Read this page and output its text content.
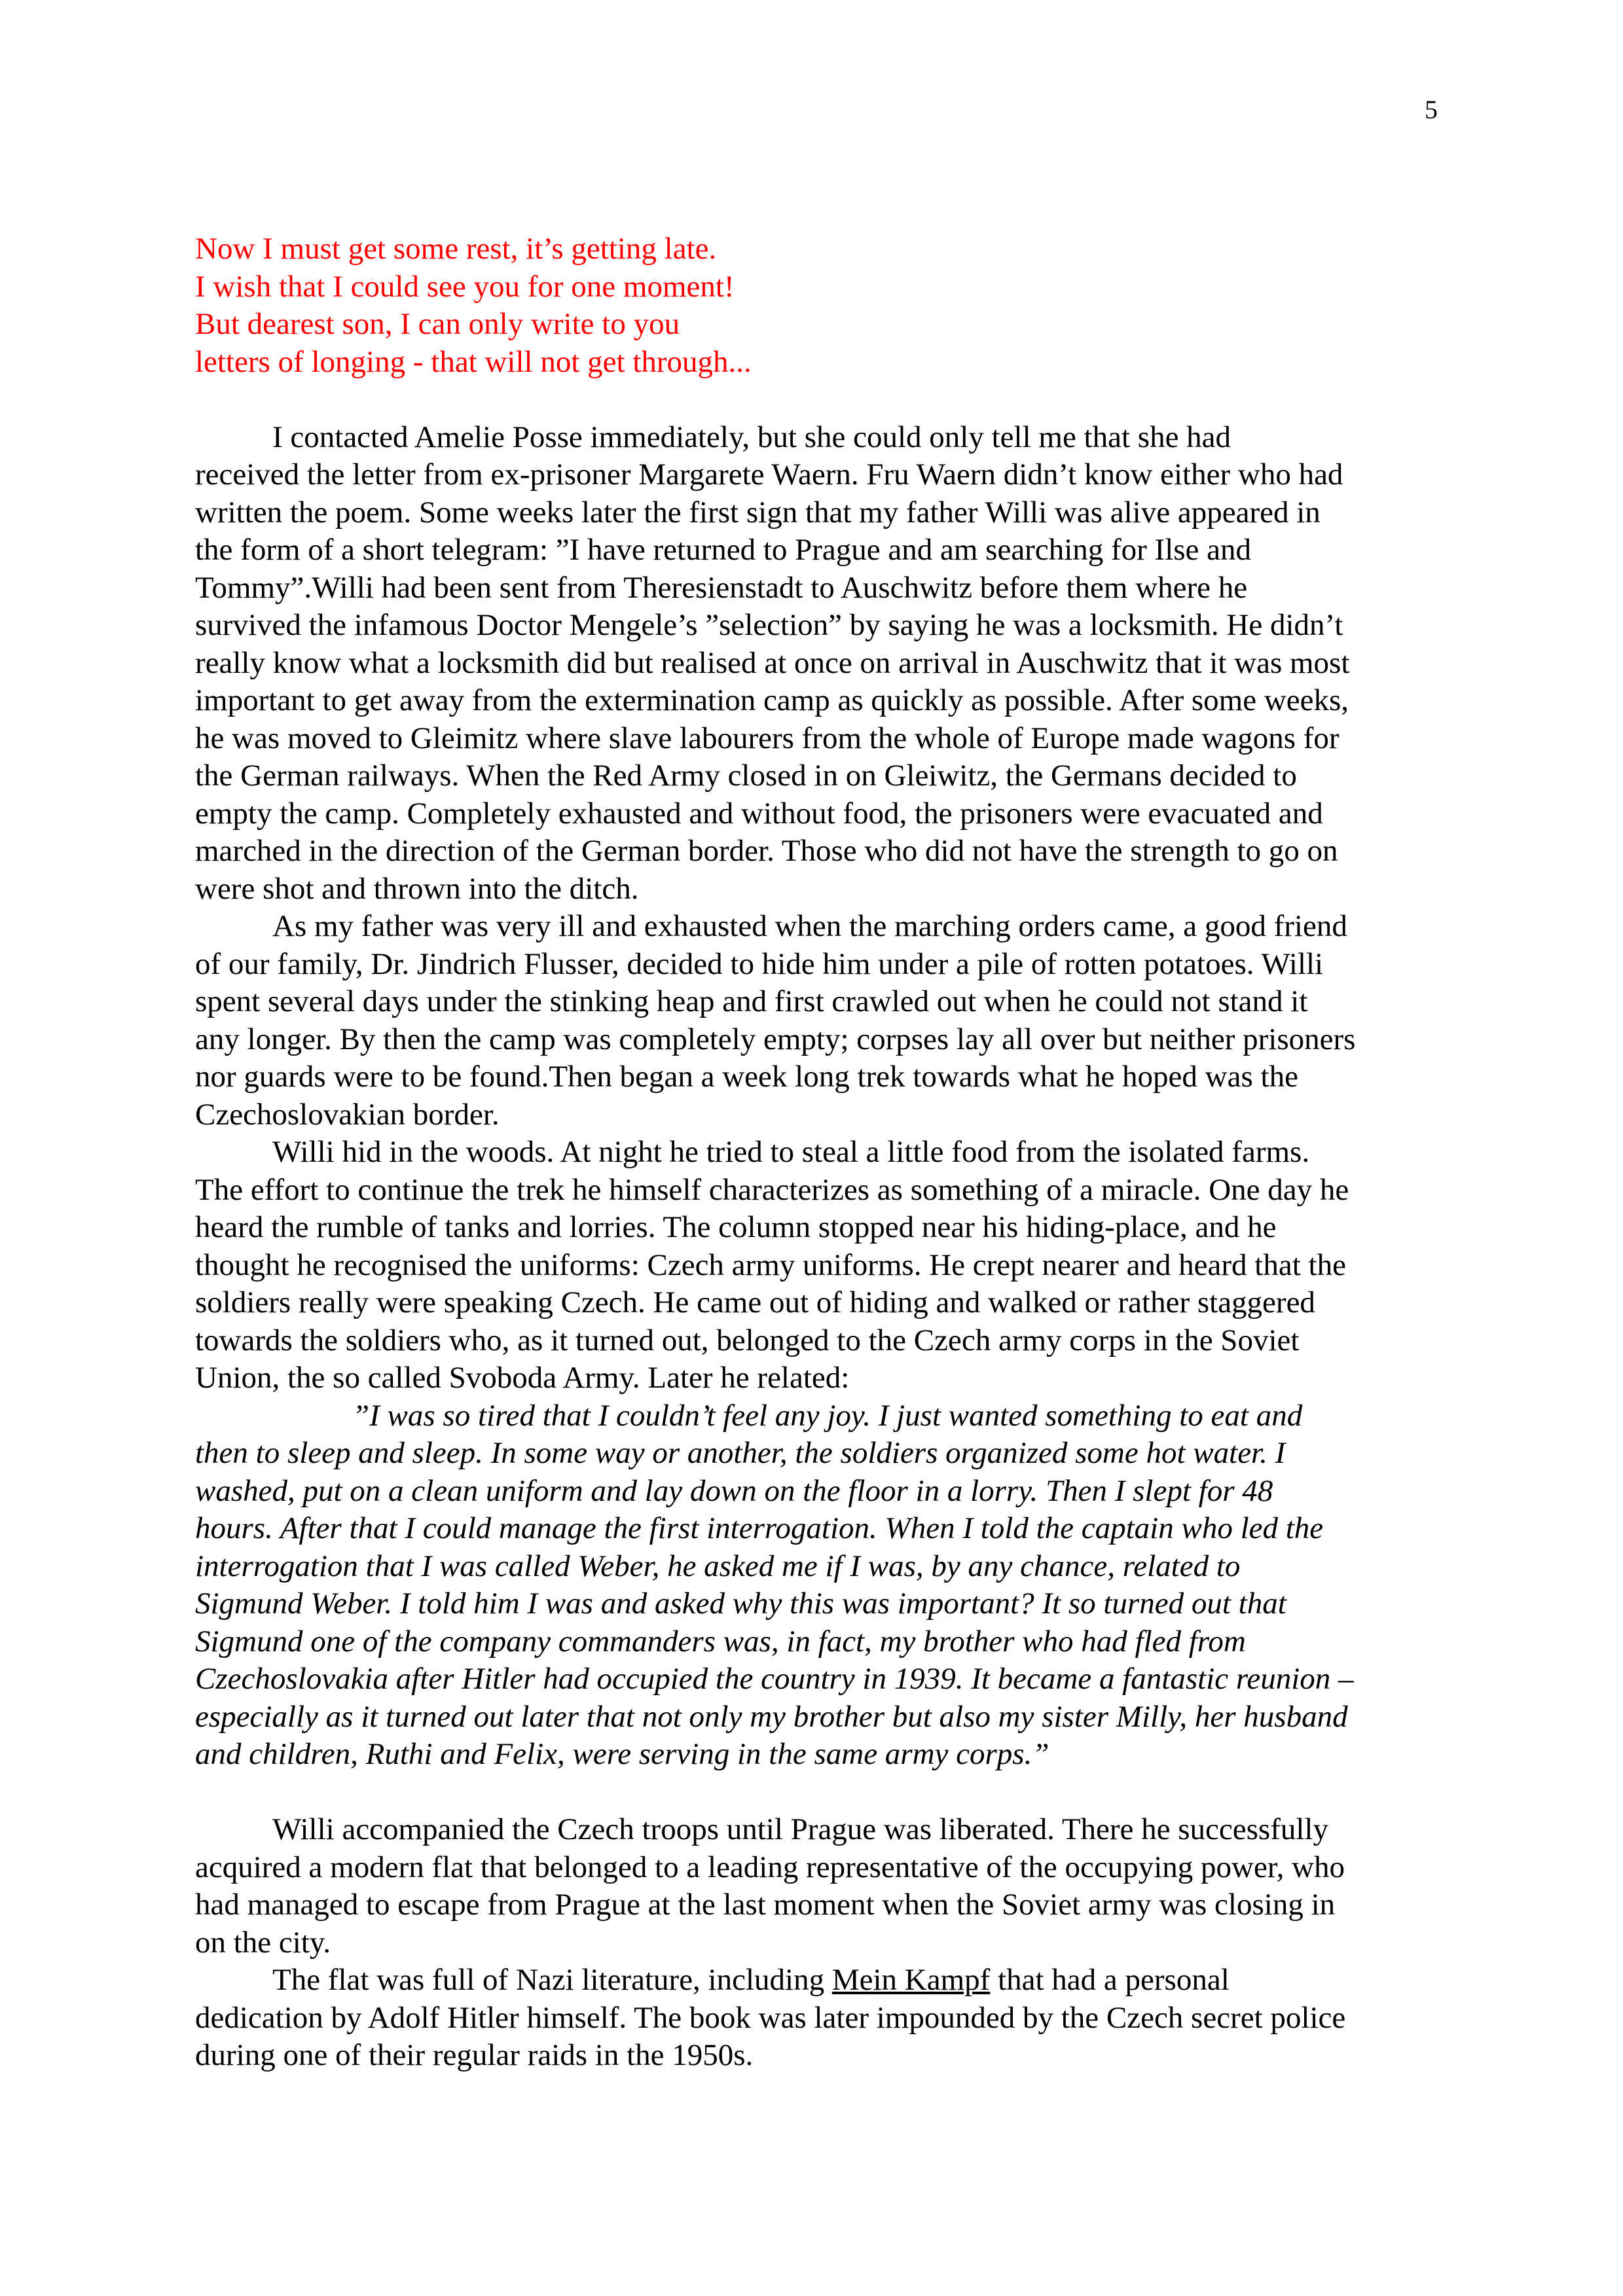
5
Now I must get some rest, it’s getting late.
I wish that I could see you for one moment!
But dearest son, I can only write to you
letters of longing - that will not get through...
I contacted Amelie Posse immediately, but she could only tell me that she had
received the letter from ex-prisoner Margarete Waern. Fru Waern didn’t know either who had
written the poem. Some weeks later the first sign that my father Willi was alive appeared in
the form of a short telegram: ”I have returned to Prague and am searching for Ilse and
Tommy”.Willi had been sent from Theresienstadt to Auschwitz before them where he
survived the infamous Doctor Mengele’s ”selection” by saying he was a locksmith. He didn’t
really know what a locksmith did but realised at once on arrival in Auschwitz that it was most
important to get away from the extermination camp as quickly as possible. After some weeks,
he was moved to Gleimitz where slave labourers from the whole of Europe made wagons for
the German railways. When the Red Army closed in on Gleiwitz, the Germans decided to
empty the camp. Completely exhausted and without food, the prisoners were evacuated and
marched in the direction of the German border. Those who did not have the strength to go on
were shot and thrown into the ditch.
As my father was very ill and exhausted when the marching orders came, a good friend
of our family, Dr. Jindrich Flusser, decided to hide him under a pile of rotten potatoes. Willi
spent several days under the stinking heap and first crawled out when he could not stand it
any longer. By then the camp was completely empty; corpses lay all over but neither prisoners
nor guards were to be found.Then began a week long trek towards what he hoped was the
Czechoslovakian border.
Willi hid in the woods. At night he tried to steal a little food from the isolated farms.
The effort to continue the trek he himself characterizes as something of a miracle. One day he
heard the rumble of tanks and lorries. The column stopped near his hiding-place, and he
thought he recognised the uniforms: Czech army uniforms. He crept nearer and heard that the
soldiers really were speaking Czech. He came out of hiding and walked or rather staggered
towards the soldiers who, as it turned out, belonged to the Czech army corps in the Soviet
Union, the so called Svoboda Army. Later he related:
”I was so tired that I couldn’t feel any joy. I just wanted something to eat and
then to sleep and sleep. In some way or another, the soldiers organized some hot water. I
washed, put on a clean uniform and lay down on the floor in a lorry. Then I slept for 48
hours. After that I could manage the first interrogation. When I told the captain who led the
interrogation that I was called Weber, he asked me if I was, by any chance, related to
Sigmund Weber. I told him I was and asked why this was important? It so turned out that
Sigmund one of the company commanders was, in fact, my brother who had fled from
Czechoslovakia after Hitler had occupied the country in 1939. It became a fantastic reunion –
especially as it turned out later that not only my brother but also my sister Milly, her husband
and children, Ruthi and Felix, were serving in the same army corps.”
Willi accompanied the Czech troops until Prague was liberated. There he successfully
acquired a modern flat that belonged to a leading representative of the occupying power, who
had managed to escape from Prague at the last moment when the Soviet army was closing in
on the city.
The flat was full of Nazi literature, including Mein Kampf that had a personal
dedication by Adolf Hitler himself. The book was later impounded by the Czech secret police
during one of their regular raids in the 1950s.
